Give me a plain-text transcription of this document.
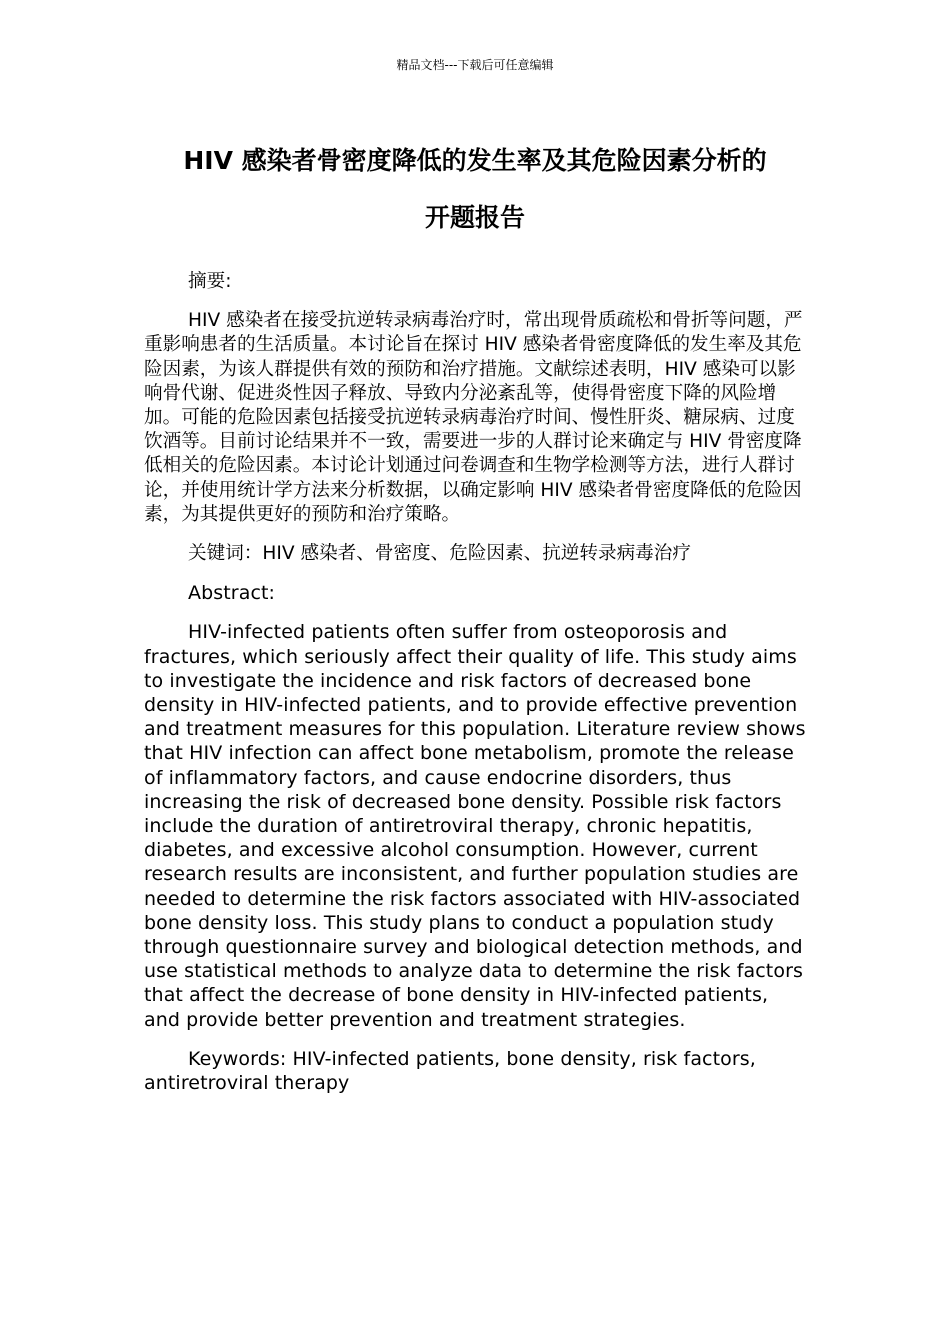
精品文档---下载后可任意编辑
HIV 感染者骨密度降低的发生率及其危险因素分析的
开题报告

摘要:

HIV 感染者在接受抗逆转录病毒治疗时，常出现骨质疏松和骨折等问题，严重影响患者的生活质量。本讨论旨在探讨 HIV 感染者骨密度降低的发生率及其危险因素，为该人群提供有效的预防和治疗措施。文献综述表明，HIV 感染可以影响骨代谢、促进炎性因子释放、导致内分泌紊乱等，使得骨密度下降的风险增加。可能的危险因素包括接受抗逆转录病毒治疗时间、慢性肝炎、糖尿病、过度饮酒等。目前讨论结果并不一致，需要进一步的人群讨论来确定与 HIV 骨密度降低相关的危险因素。本讨论计划通过问卷调查和生物学检测等方法，进行人群讨论，并使用统计学方法来分析数据，以确定影响 HIV 感染者骨密度降低的危险因素，为其提供更好的预防和治疗策略。

关键词：HIV 感染者、骨密度、危险因素、抗逆转录病毒治疗

Abstract:

HIV-infected patients often suffer from osteoporosis and fractures, which seriously affect their quality of life. This study aims to investigate the incidence and risk factors of decreased bone density in HIV-infected patients, and to provide effective prevention and treatment measures for this population. Literature review shows that HIV infection can affect bone metabolism, promote the release of inflammatory factors, and cause endocrine disorders, thus increasing the risk of decreased bone density. Possible risk factors include the duration of antiretroviral therapy, chronic hepatitis, diabetes, and excessive alcohol consumption. However, current research results are inconsistent, and further population studies are needed to determine the risk factors associated with HIV-associated bone density loss. This study plans to conduct a population study through questionnaire survey and biological detection methods, and use statistical methods to analyze data to determine the risk factors that affect the decrease of bone density in HIV-infected patients, and provide better prevention and treatment strategies.

Keywords: HIV-infected patients, bone density, risk factors, antiretroviral therapy
